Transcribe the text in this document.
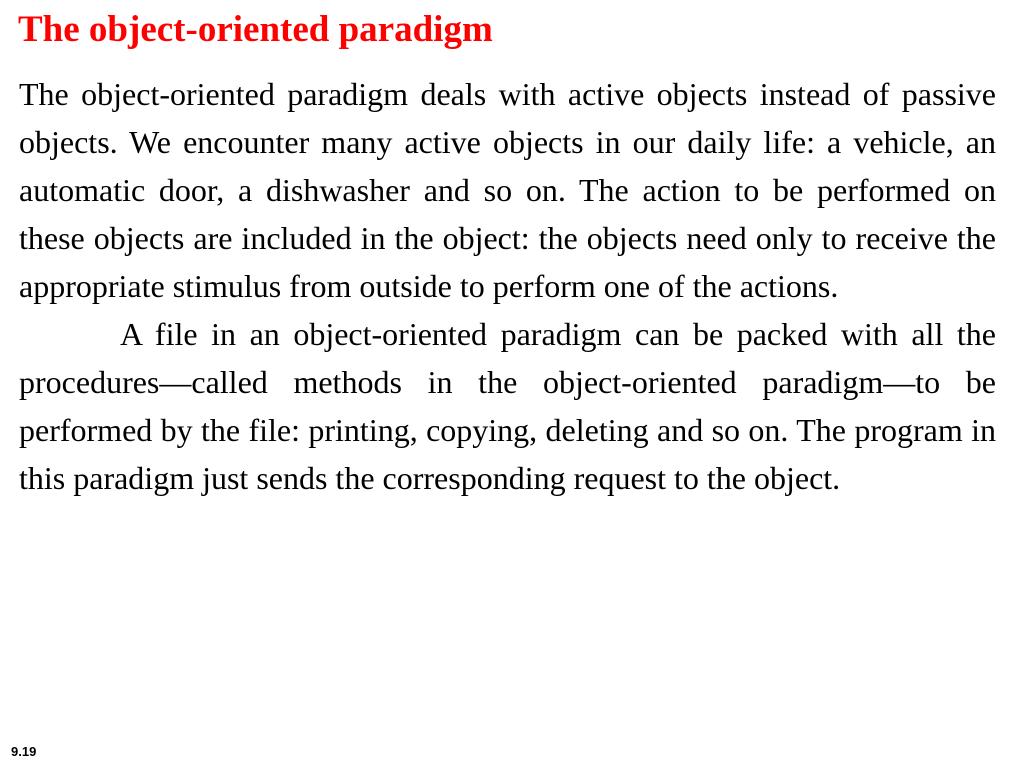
The object-oriented paradigm

The object-oriented paradigm deals with active objects instead of passive objects. We encounter many active objects in our daily life: a vehicle, an automatic door, a dishwasher and so on. The action to be performed on these objects are included in the object: the objects need only to receive the appropriate stimulus from outside to perform one of the actions.

A file in an object-oriented paradigm can be packed with all the procedures—called methods in the object-oriented paradigm—to be performed by the file: printing, copying, deleting and so on. The program in this paradigm just sends the corresponding request to the object.

9.19
